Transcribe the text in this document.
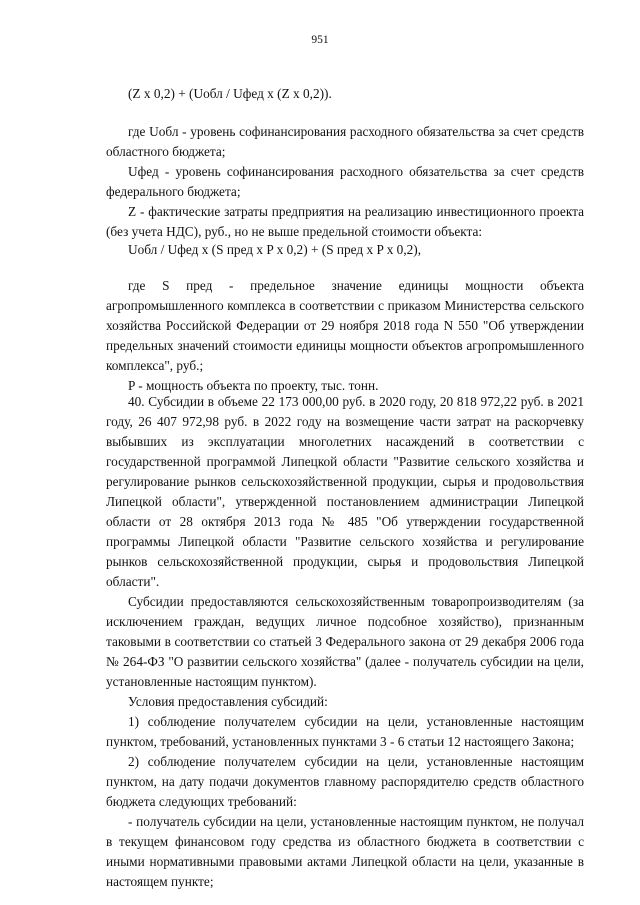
951

(Z x 0,2) + (Uобл / Uфед x (Z x 0,2)).

где Uобл - уровень софинансирования расходного обязательства за счет средств областного бюджета;

Uфед - уровень софинансирования расходного обязательства за счет средств федерального бюджета;

Z - фактические затраты предприятия на реализацию инвестиционного проекта (без учета НДС), руб., но не выше предельной стоимости объекта:

Uобл / Uфед x (S пред x P x 0,2) + (S пред x P x 0,2),

где S пред - предельное значение единицы мощности объекта агропромышленного комплекса в соответствии с приказом Министерства сельского хозяйства Российской Федерации от 29 ноября 2018 года N 550 "Об утверждении предельных значений стоимости единицы мощности объектов агропромышленного комплекса", руб.;

P - мощность объекта по проекту, тыс. тонн.

40. Субсидии в объеме 22 173 000,00 руб. в 2020 году, 20 818 972,22 руб. в 2021 году, 26 407 972,98 руб. в 2022 году на возмещение части затрат на раскорчевку выбывших из эксплуатации многолетних насаждений в соответствии с государственной программой Липецкой области "Развитие сельского хозяйства и регулирование рынков сельскохозяйственной продукции, сырья и продовольствия Липецкой области", утвержденной постановлением администрации Липецкой области от 28 октября 2013 года № 485 "Об утверждении государственной программы Липецкой области "Развитие сельского хозяйства и регулирование рынков сельскохозяйственной продукции, сырья и продовольствия Липецкой области".

Субсидии предоставляются сельскохозяйственным товаропроизводителям (за исключением граждан, ведущих личное подсобное хозяйство), признанным таковыми в соответствии со статьей 3 Федерального закона от 29 декабря 2006 года № 264-ФЗ "О развитии сельского хозяйства" (далее - получатель субсидии на цели, установленные настоящим пунктом).

Условия предоставления субсидий:

1) соблюдение получателем субсидии на цели, установленные настоящим пунктом, требований, установленных пунктами 3 - 6 статьи 12 настоящего Закона;

2) соблюдение получателем субсидии на цели, установленные настоящим пунктом, на дату подачи документов главному распорядителю средств областного бюджета следующих требований:

- получатель субсидии на цели, установленные настоящим пунктом, не получал в текущем финансовом году средства из областного бюджета в соответствии с иными нормативными правовыми актами Липецкой области на цели, указанные в настоящем пункте;
